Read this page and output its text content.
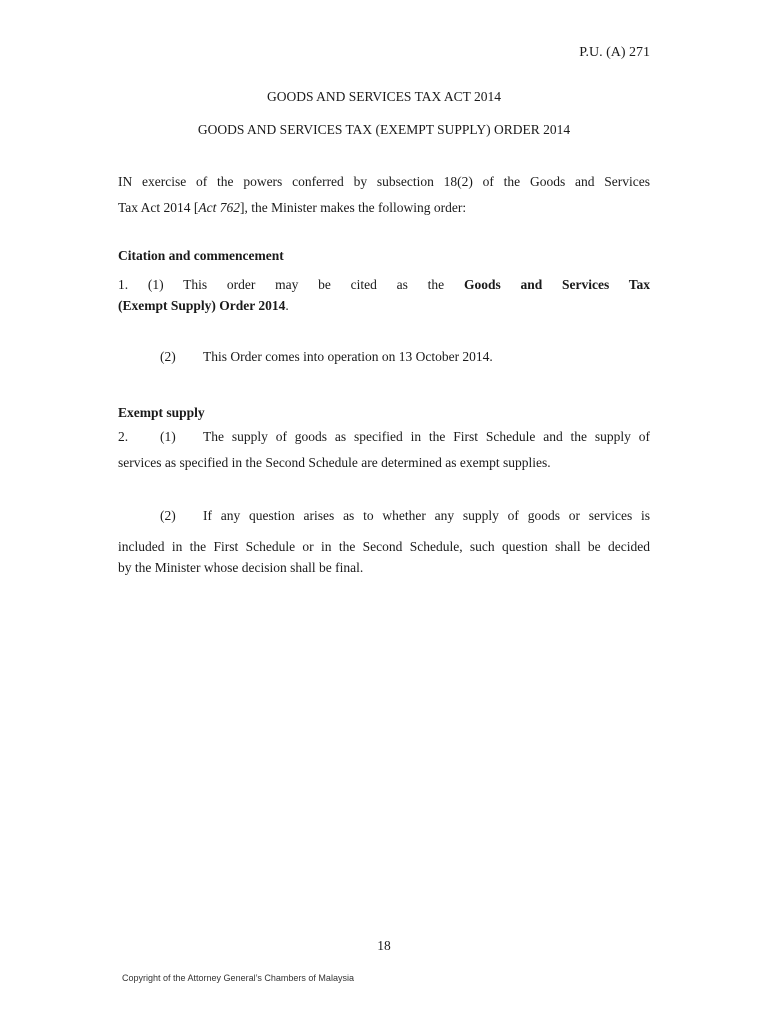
P.U. (A) 271
GOODS AND SERVICES TAX ACT 2014
GOODS AND SERVICES TAX (EXEMPT SUPPLY) ORDER 2014
IN exercise of the powers conferred by subsection 18(2) of the Goods and Services
Tax Act 2014 [Act 762], the Minister makes the following order:
Citation and commencement
1. (1) This order may be cited as the Goods and Services Tax
(Exempt Supply) Order 2014.
(2) This Order comes into operation on 13 October 2014.
Exempt supply
2. (1) The supply of goods as specified in the First Schedule and the supply of
services as specified in the Second Schedule are determined as exempt supplies.
(2) If any question arises as to whether any supply of goods or services is
included in the First Schedule or in the Second Schedule, such question shall be decided
by the Minister whose decision shall be final.
18
Copyright of the Attorney General’s Chambers of Malaysia
